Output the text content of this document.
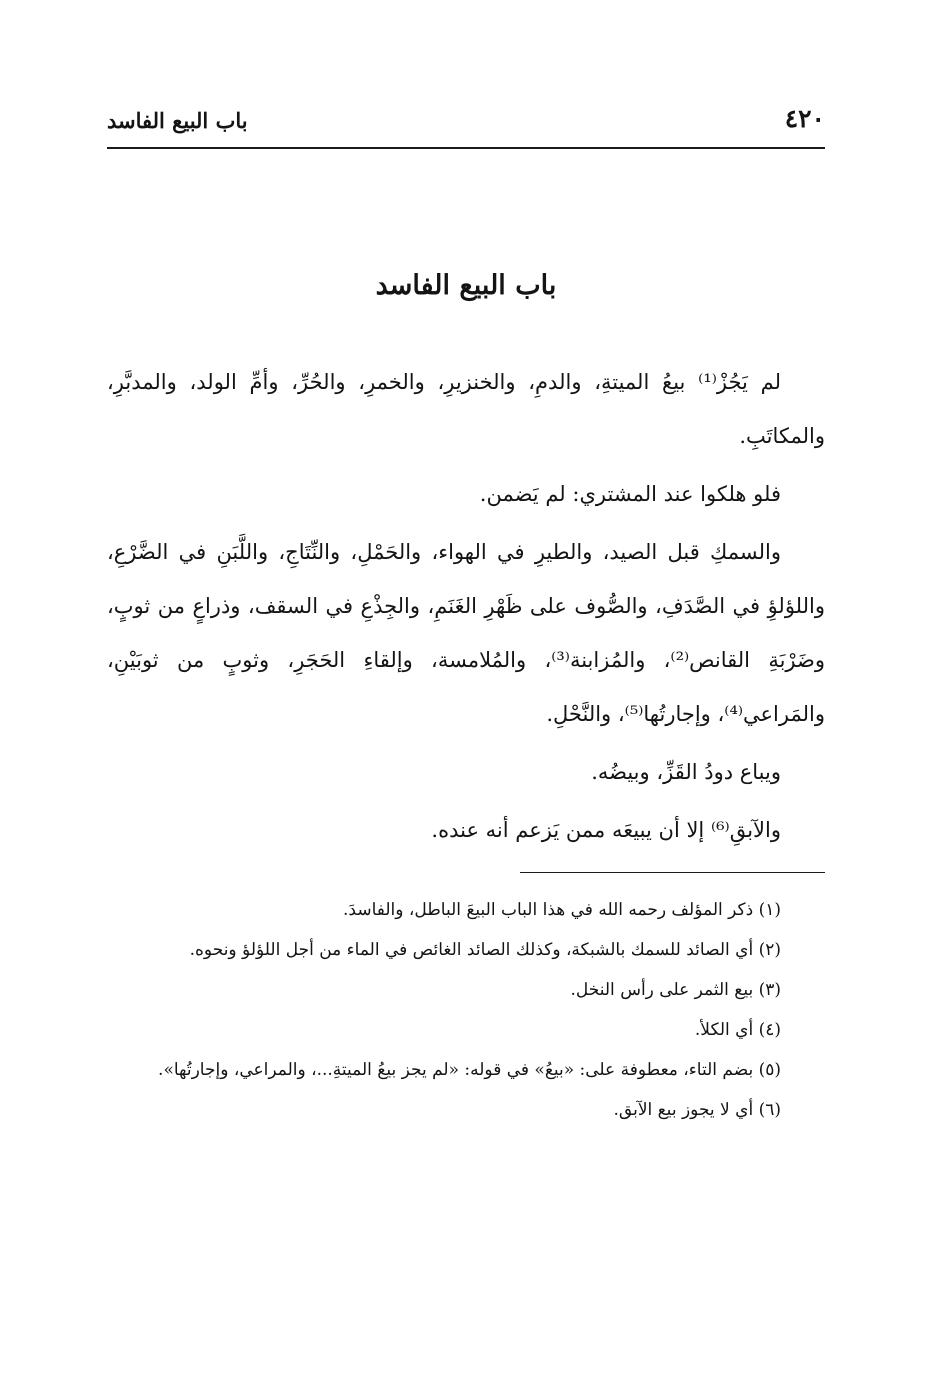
٤٢٠
باب البيع الفاسد
باب البيع الفاسد

لم يَجُزْ⁽¹⁾ بيعُ الميتةِ، والدمِ، والخنزيرِ، والخمرِ، والحُرِّ، وأمِّ الولد، والمدبَّرِ، والمكاتَبِ.

فلو هلكوا عند المشتري: لم يَضمن.

والسمكِ قبل الصيد، والطيرِ في الهواء، والحَمْلِ، والنِّتَاجِ، واللَّبَنِ في الضَّرْعِ، واللؤلؤِ في الصَّدَفِ، والصُّوف على ظَهْرِ الغَنَمِ، والجِذْعِ في السقف، وذراعٍ من ثوبٍ، وضَرْبَةِ القانص⁽²⁾، والمُزابنة⁽³⁾، والمُلامسة، وإلقاءِ الحَجَرِ، وثوبٍ من ثوبَيْنِ، والمَراعي⁽⁴⁾، وإجارتُها⁽⁵⁾، والنَّحْلِ.

ويباع دودُ القَزِّ، وبيضُه.

والآبقِ⁽⁶⁾ إلا أن يبيعَه ممن يَزعم أنه عنده.

(١) ذكر المؤلف رحمه الله في هذا الباب البيعَ الباطل، والفاسدَ.

(٢) أي الصائد للسمك بالشبكة، وكذلك الصائد الغائص في الماء من أجل اللؤلؤ ونحوه.

(٣) بيع الثمر على رأس النخل.

(٤) أي الكلأ.

(٥) بضم التاء، معطوفة على: «بيعُ» في قوله: «لم يجز بيعُ الميتةِ...، والمراعي، وإجارتُها».

(٦) أي لا يجوز بيع الآبق.
